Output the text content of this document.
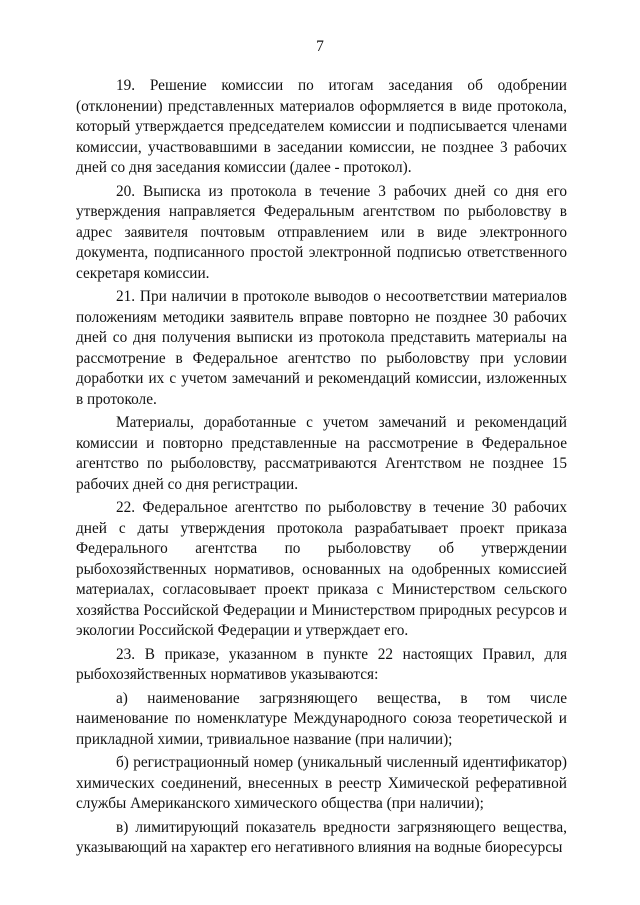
7

19. Решение комиссии по итогам заседания об одобрении (отклонении) представленных материалов оформляется в виде протокола, который утверждается председателем комиссии и подписывается членами комиссии, участвовавшими в заседании комиссии, не позднее 3 рабочих дней со дня заседания комиссии (далее - протокол).

20. Выписка из протокола в течение 3 рабочих дней со дня его утверждения направляется Федеральным агентством по рыболовству в адрес заявителя почтовым отправлением или в виде электронного документа, подписанного простой электронной подписью ответственного секретаря комиссии.

21. При наличии в протоколе выводов о несоответствии материалов положениям методики заявитель вправе повторно не позднее 30 рабочих дней со дня получения выписки из протокола представить материалы на рассмотрение в Федеральное агентство по рыболовству при условии доработки их с учетом замечаний и рекомендаций комиссии, изложенных в протоколе.

Материалы, доработанные с учетом замечаний и рекомендаций комиссии и повторно представленные на рассмотрение в Федеральное агентство по рыболовству, рассматриваются Агентством не позднее 15 рабочих дней со дня регистрации.

22. Федеральное агентство по рыболовству в течение 30 рабочих дней с даты утверждения протокола разрабатывает проект приказа Федерального агентства по рыболовству об утверждении рыбохозяйственных нормативов, основанных на одобренных комиссией материалах, согласовывает проект приказа с Министерством сельского хозяйства Российской Федерации и Министерством природных ресурсов и экологии Российской Федерации и утверждает его.

23. В приказе, указанном в пункте 22 настоящих Правил, для рыбохозяйственных нормативов указываются:

а) наименование загрязняющего вещества, в том числе наименование по номенклатуре Международного союза теоретической и прикладной химии, тривиальное название (при наличии);

б) регистрационный номер (уникальный численный идентификатор) химических соединений, внесенных в реестр Химической реферативной службы Американского химического общества (при наличии);

в) лимитирующий показатель вредности загрязняющего вещества, указывающий на характер его негативного влияния на водные биоресурсы
